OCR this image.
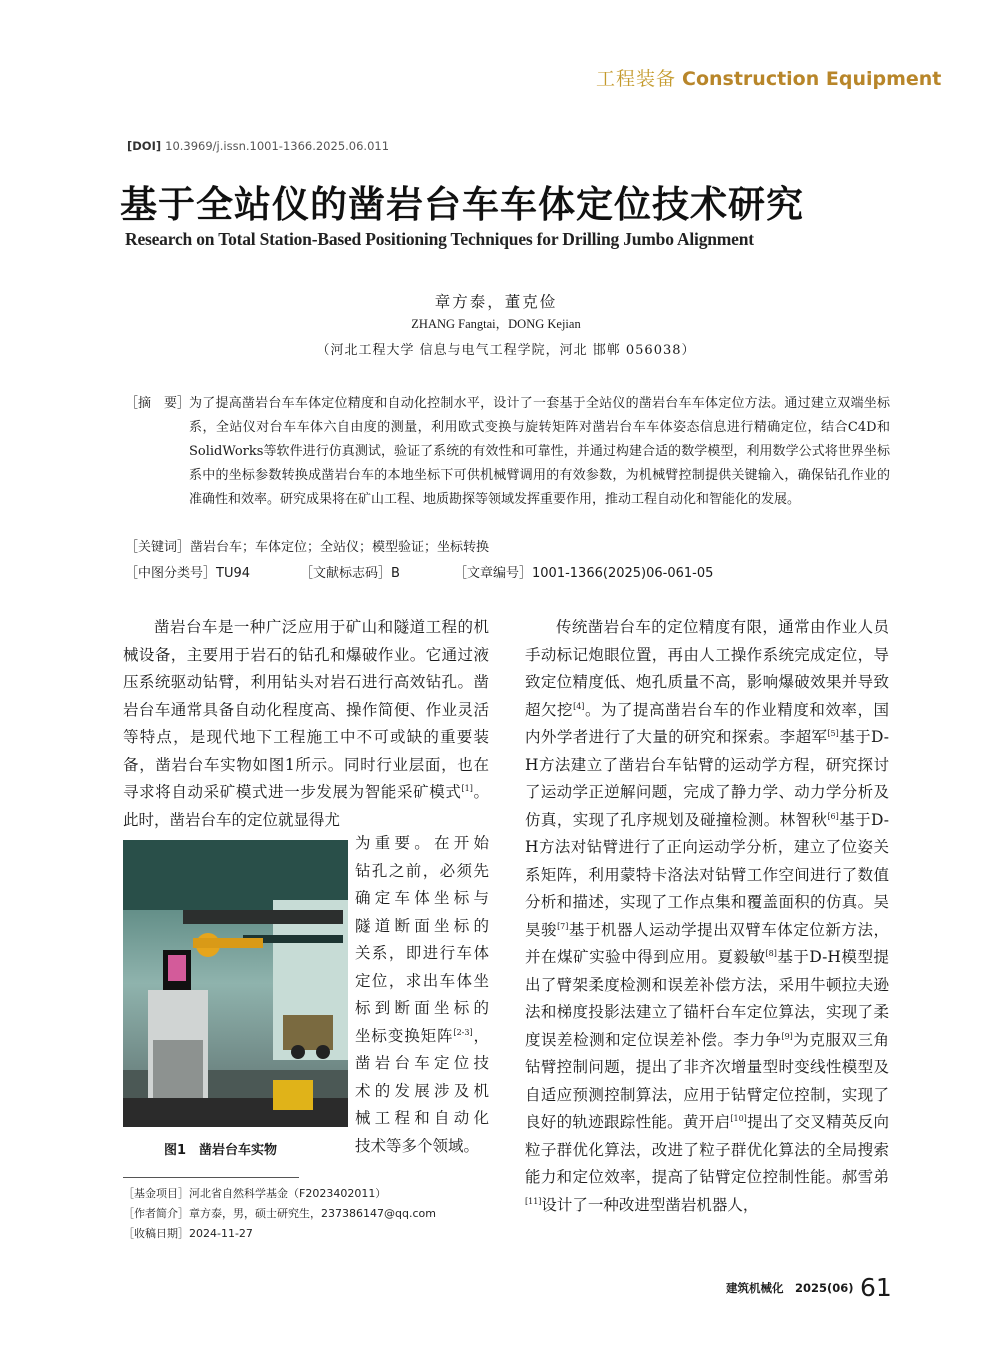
工程装备 Construction Equipment
[DOI] 10.3969/j.issn.1001-1366.2025.06.011
基于全站仪的凿岩台车车体定位技术研究
Research on Total Station-Based Positioning Techniques for Drilling Jumbo Alignment
章方泰，董克俭
ZHANG Fangtai，DONG Kejian
（河北工程大学 信息与电气工程学院，河北 邯郸 056038）
［摘　要］
为了提高凿岩台车车体定位精度和自动化控制水平，设计了一套基于全站仪的凿岩台车车体定位方法。通过建立双端坐标系，全站仪对台车车体六自由度的测量，利用欧式变换与旋转矩阵对凿岩台车车体姿态信息进行精确定位，结合C4D和SolidWorks等软件进行仿真测试，验证了系统的有效性和可靠性，并通过构建合适的数学模型，利用数学公式将世界坐标系中的坐标参数转换成凿岩台车的本地坐标下可供机械臂调用的有效参数，为机械臂控制提供关键输入，确保钻孔作业的准确性和效率。研究成果将在矿山工程、地质勘探等领域发挥重要作用，推动工程自动化和智能化的发展。
［关键词］凿岩台车；车体定位；全站仪；模型验证；坐标转换
［中图分类号］TU94	［文献标志码］B	［文章编号］1001-1366(2025)06-061-05

凿岩台车是一种广泛应用于矿山和隧道工程的机械设备，主要用于岩石的钻孔和爆破作业。它通过液压系统驱动钻臂，利用钻头对岩石进行高效钻孔。凿岩台车通常具备自动化程度高、操作简便、作业灵活等特点，是现代地下工程施工中不可或缺的重要装备，凿岩台车实物如图1所示。同时行业层面，也在寻求将自动采矿模式进一步发展为智能采矿模式[1]。此时，凿岩台车的定位就显得尤

图1　凿岩台车实物
为重要。在开始
钻孔之前，必须先
确定车体坐标与
隧道断面坐标的
关系，即进行车体
定位，求出车体坐
标到断面坐标的
坐标变换矩阵[2-3]，
凿岩台车定位技
术的发展涉及机
械工程和自动化
技术等多个领域。
［基金项目］河北省自然科学基金（F2023402011）
［作者简介］章方泰，男，硕士研究生，237386147@qq.com
［收稿日期］2024-11-27

传统凿岩台车的定位精度有限，通常由作业人员手动标记炮眼位置，再由人工操作系统完成定位，导致定位精度低、炮孔质量不高，影响爆破效果并导致超欠挖[4]。为了提高凿岩台车的作业精度和效率，国内外学者进行了大量的研究和探索。李超军[5]基于D-H方法建立了凿岩台车钻臂的运动学方程，研究探讨了运动学正逆解问题，完成了静力学、动力学分析及仿真，实现了孔序规划及碰撞检测。林智秋[6]基于D-H方法对钻臂进行了正向运动学分析，建立了位姿关系矩阵，利用蒙特卡洛法对钻臂工作空间进行了数值分析和描述，实现了工作点集和覆盖面积的仿真。吴昊骏[7]基于机器人运动学提出双臂车体定位新方法，并在煤矿实验中得到应用。夏毅敏[8]基于D-H模型提出了臂架柔度检测和误差补偿方法，采用牛顿拉夫逊法和梯度投影法建立了锚杆台车定位算法，实现了柔度误差检测和定位误差补偿。李力争[9]为克服双三角钻臂控制问题，提出了非齐次增量型时变线性模型及自适应预测控制算法，应用于钻臂定位控制，实现了良好的轨迹跟踪性能。黄开启[10]提出了交叉精英反向粒子群优化算法，改进了粒子群优化算法的全局搜索能力和定位效率，提高了钻臂定位控制性能。郝雪弟[11]设计了一种改进型凿岩机器人，

建筑机械化　2025(06) 61
